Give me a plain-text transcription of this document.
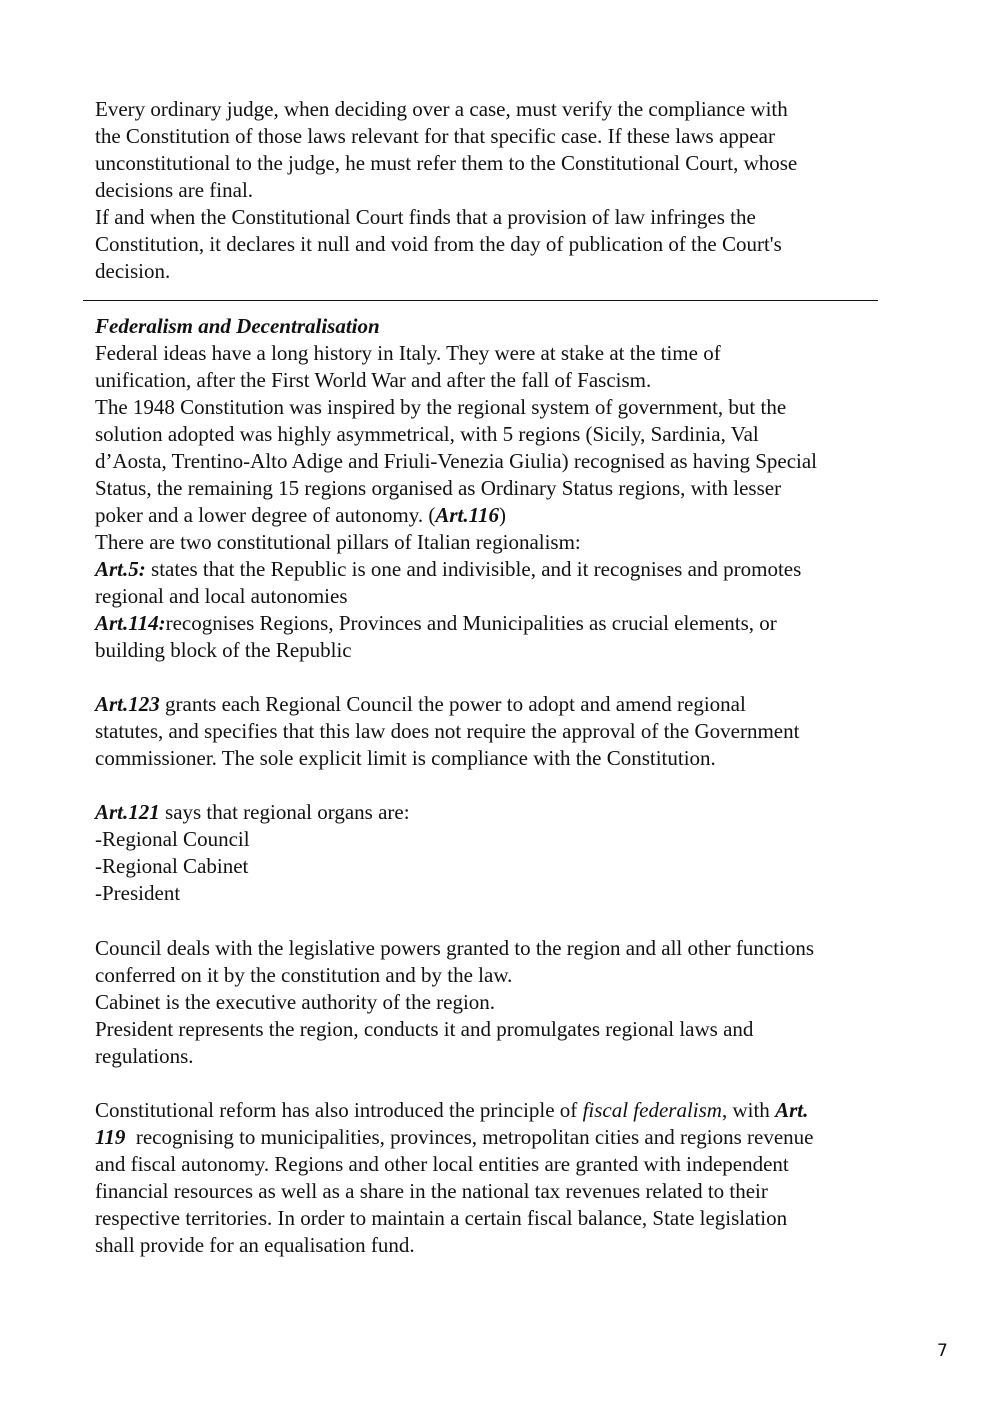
Every ordinary judge, when deciding over a case, must verify the compliance with
the Constitution of those laws relevant for that specific case. If these laws appear
unconstitutional to the judge, he must refer them to the Constitutional Court, whose
decisions are final.
If and when the Constitutional Court finds that a provision of law infringes the
Constitution, it declares it null and void from the day of publication of the Court's
decision.
Federalism and Decentralisation
Federal ideas have a long history in Italy. They were at stake at the time of
unification, after the First World War and after the fall of Fascism.
The 1948 Constitution was inspired by the regional system of government, but the
solution adopted was highly asymmetrical, with 5 regions (Sicily, Sardinia, Val
d’Aosta, Trentino-Alto Adige and Friuli-Venezia Giulia) recognised as having Special
Status, the remaining 15 regions organised as Ordinary Status regions, with lesser
poker and a lower degree of autonomy. (Art.116)
There are two constitutional pillars of Italian regionalism:
Art.5: states that the Republic is one and indivisible, and it recognises and promotes
regional and local autonomies
Art.114:recognises Regions, Provinces and Municipalities as crucial elements, or
building block of the Republic
Art.123 grants each Regional Council the power to adopt and amend regional
statutes, and specifies that this law does not require the approval of the Government
commissioner. The sole explicit limit is compliance with the Constitution.
Art.121 says that regional organs are:
-Regional Council
-Regional Cabinet
-President
Council deals with the legislative powers granted to the region and all other functions
conferred on it by the constitution and by the law.
Cabinet is the executive authority of the region.
President represents the region, conducts it and promulgates regional laws and
regulations.
Constitutional reform has also introduced the principle of fiscal federalism, with Art.
119  recognising to municipalities, provinces, metropolitan cities and regions revenue
and fiscal autonomy. Regions and other local entities are granted with independent
financial resources as well as a share in the national tax revenues related to their
respective territories. In order to maintain a certain fiscal balance, State legislation
shall provide for an equalisation fund.
7
